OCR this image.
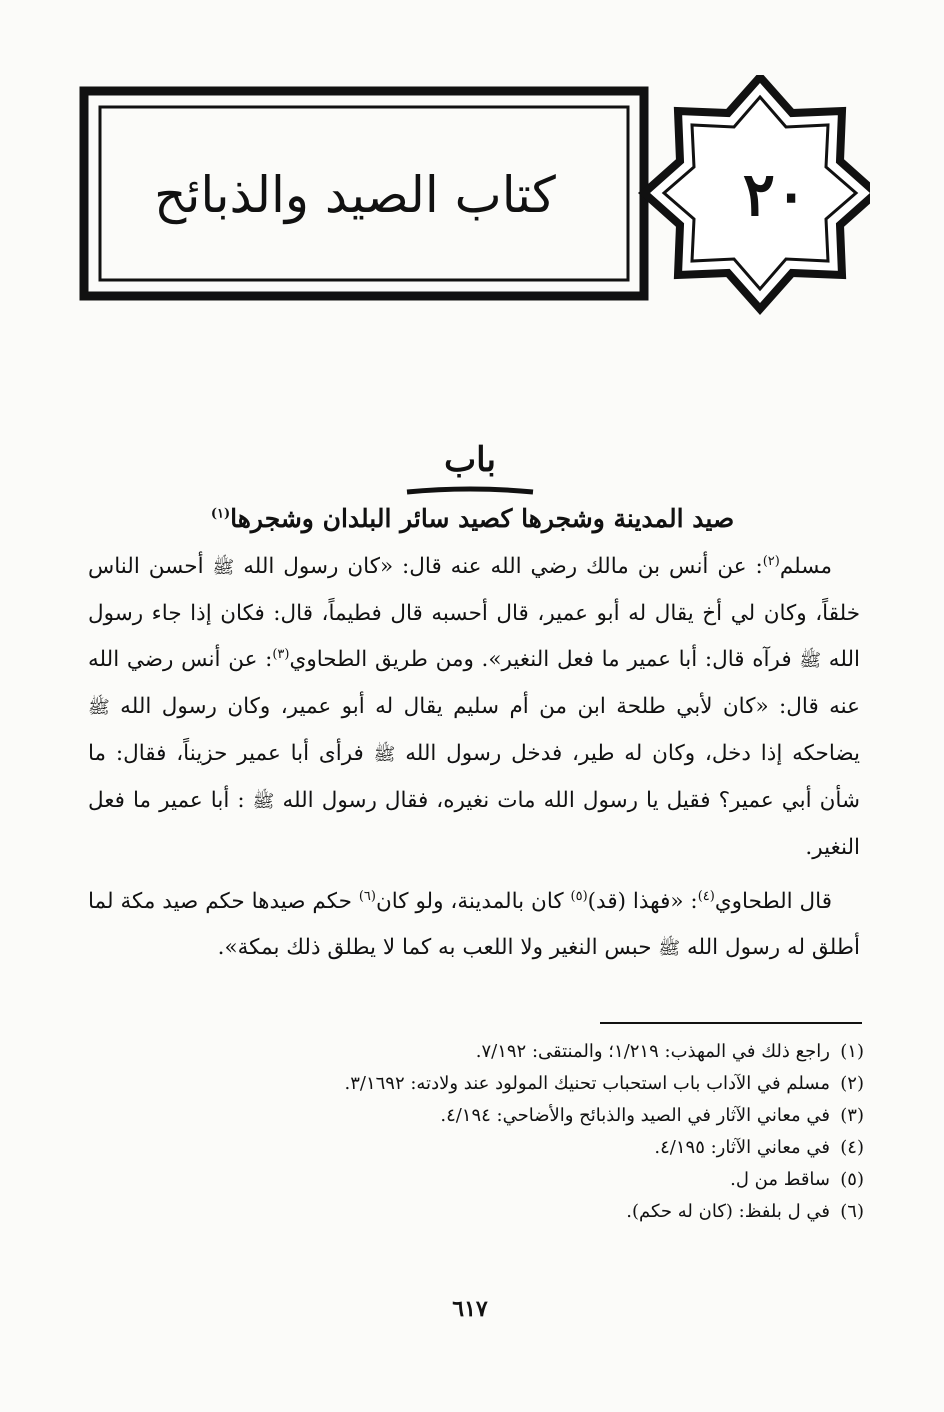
كتاب الصيد والذبائح	٢٠
باب
صيد المدينة وشجرها كصيد سائر البلدان وشجرها$^{(١)}$

مسلم$^{(٢)}$: عن أنس بن مالك رضي الله عنه قال: «كان رسول الله ﷺ أحسن الناس خلقاً، وكان لي أخ يقال له أبو عمير، قال أحسبه قال فطيماً، قال: فكان إذا جاء رسول الله ﷺ فرآه قال: أبا عمير ما فعل النغير». ومن طريق الطحاوي$^{(٣)}$: عن أنس رضي الله عنه قال: «كان لأبي طلحة ابن من أم سليم يقال له أبو عمير، وكان رسول الله ﷺ يضاحكه إذا دخل، وكان له طير، فدخل رسول الله ﷺ فرأى أبا عمير حزيناً، فقال: ما شأن أبي عمير؟ فقيل يا رسول الله مات نغيره، فقال رسول الله ﷺ : أبا عمير ما فعل النغير.

قال الطحاوي$^{(٤)}$: «فهذا (قد)$^{(٥)}$ كان بالمدينة، ولو كان$^{(٦)}$ حكم صيدها حكم صيد مكة لما أطلق له رسول الله ﷺ حبس النغير ولا اللعب به كما لا يطلق ذلك بمكة».

(١)راجع ذلك في المهذب: ١/٢١٩؛ والمنتقى: ٧/١٩٢.
(٢)مسلم في الآداب باب استحباب تحنيك المولود عند ولادته: ٣/١٦٩٢.
(٣)في معاني الآثار في الصيد والذبائح والأضاحي: ٤/١٩٤.
(٤)في معاني الآثار: ٤/١٩٥.
(٥)ساقط من ل.
(٦)في ل بلفظ: (كان له حكم).
٦١٧
